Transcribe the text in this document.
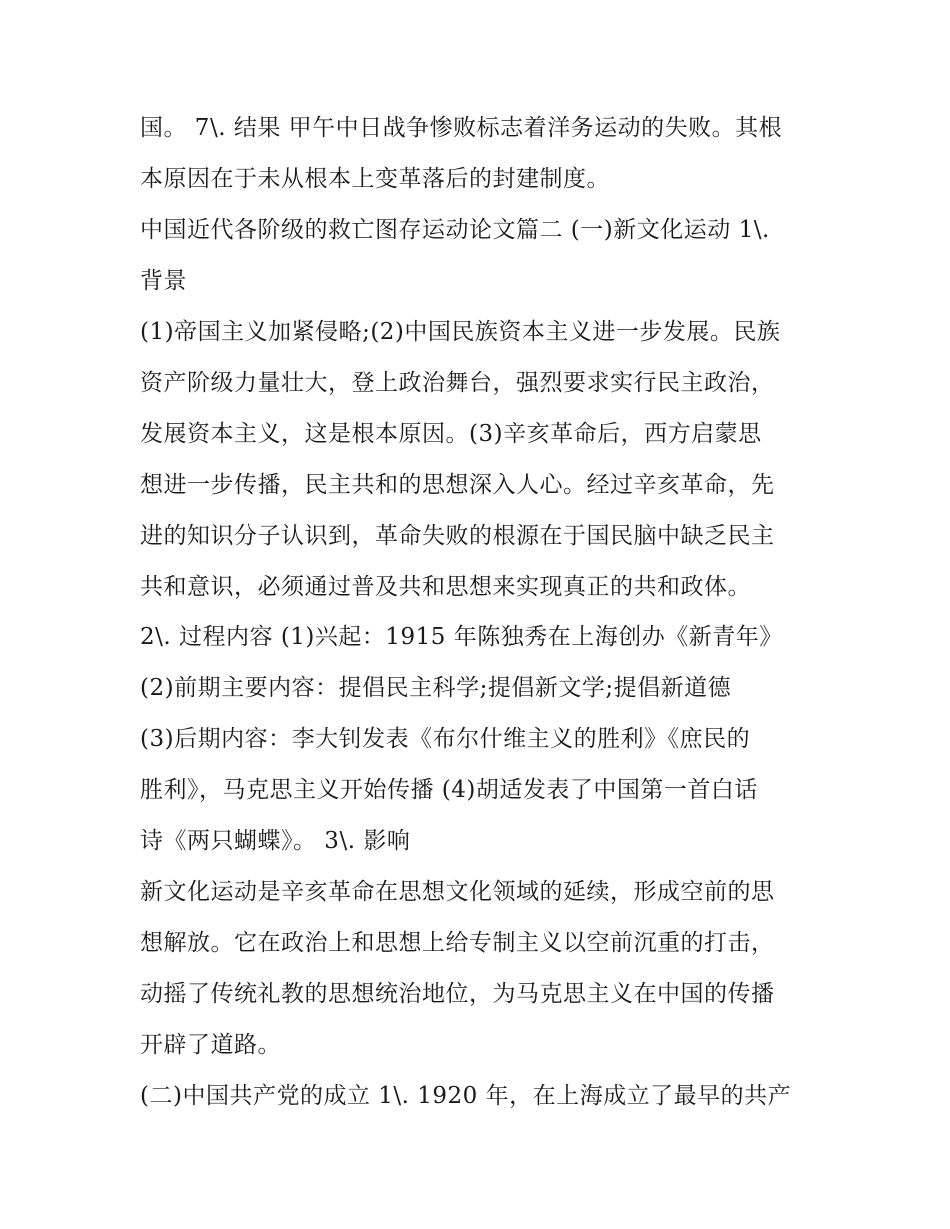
国。 7\. 结果 甲午中日战争惨败标志着洋务运动的失败。其根
本原因在于未从根本上变革落后的封建制度。
中国近代各阶级的救亡图存运动论文篇二 (一)新文化运动 1\.
背景
(1)帝国主义加紧侵略;(2)中国民族资本主义进一步发展。民族
资产阶级力量壮大，登上政治舞台，强烈要求实行民主政治，
发展资本主义，这是根本原因。(3)辛亥革命后，西方启蒙思
想进一步传播，民主共和的思想深入人心。经过辛亥革命，先
进的知识分子认识到，革命失败的根源在于国民脑中缺乏民主
共和意识，必须通过普及共和思想来实现真正的共和政体。
2\. 过程内容 (1)兴起：1915 年陈独秀在上海创办《新青年》
(2)前期主要内容：提倡民主科学;提倡新文学;提倡新道德
(3)后期内容：李大钊发表《布尔什维主义的胜利》《庶民的
胜利》，马克思主义开始传播 (4)胡适发表了中国第一首白话
诗《两只蝴蝶》。 3\. 影响
新文化运动是辛亥革命在思想文化领域的延续，形成空前的思
想解放。它在政治上和思想上给专制主义以空前沉重的打击，
动摇了传统礼教的思想统治地位，为马克思主义在中国的传播
开辟了道路。
(二)中国共产党的成立 1\. 1920 年，在上海成立了最早的共产
